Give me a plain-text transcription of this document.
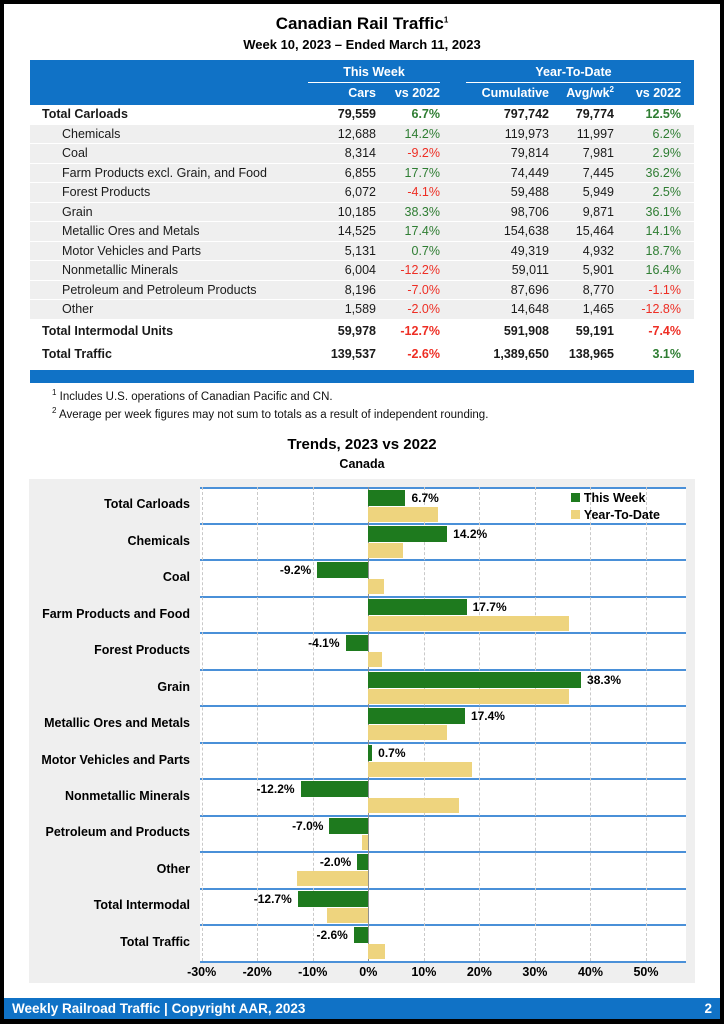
Canadian Rail Traffic$^1$
Week 10, 2023 – Ended March 11, 2023
This Week	Year-To-Date
Cars	vs 2022	Cumulative	Avg/$wk^2$	vs 2022
Total Carloads	79,559	6.7%	797,742	79,774	12.5%
Chemicals	12,688	14.2%	119,973	11,997	6.2%
Coal	8,314	-9.2%	79,814	7,981	2.9%
Farm Products excl. Grain, and Food	6,855	17.7%	74,449	7,445	36.2%
Forest Products	6,072	-4.1%	59,488	5,949	2.5%
Grain	10,185	38.3%	98,706	9,871	36.1%
Metallic Ores and Metals	14,525	17.4%	154,638	15,464	14.1%
Motor Vehicles and Parts	5,131	0.7%	49,319	4,932	18.7%
Nonmetallic Minerals	6,004	-12.2%	59,011	5,901	16.4%
Petroleum and Petroleum Products	8,196	-7.0%	87,696	8,770	-1.1%
Other	1,589	-2.0%	14,648	1,465	-12.8%
Total Intermodal Units	59,978	-12.7%	591,908	59,191	-7.4%
Total Traffic	139,537	-2.6%	1,389,650	138,965	3.1%
$^1$ Includes U.S. operations of Canadian Pacific and CN.
$^2$ Average per week figures may not sum to totals as a result of independent rounding.
Trends, 2023 vs 2022
Canada
Total Carloads
Chemicals
Coal
Farm Products and Food
Forest Products
Grain
Metallic Ores and Metals
Motor Vehicles and Parts
Nonmetallic Minerals
Petroleum and Products
Other
Total Intermodal
Total Traffic
6.7%
14.2%
-9.2%
17.7%
-4.1%
38.3%
17.4%
0.7%
-12.2%
-7.0%
-2.0%
-12.7%
-2.6%
This Week
Year-To-Date
-30% -20% -10%	0%	10% 20% 30% 40% 50%
Weekly Railroad Traffic | Copyright AAR, 2023	2
